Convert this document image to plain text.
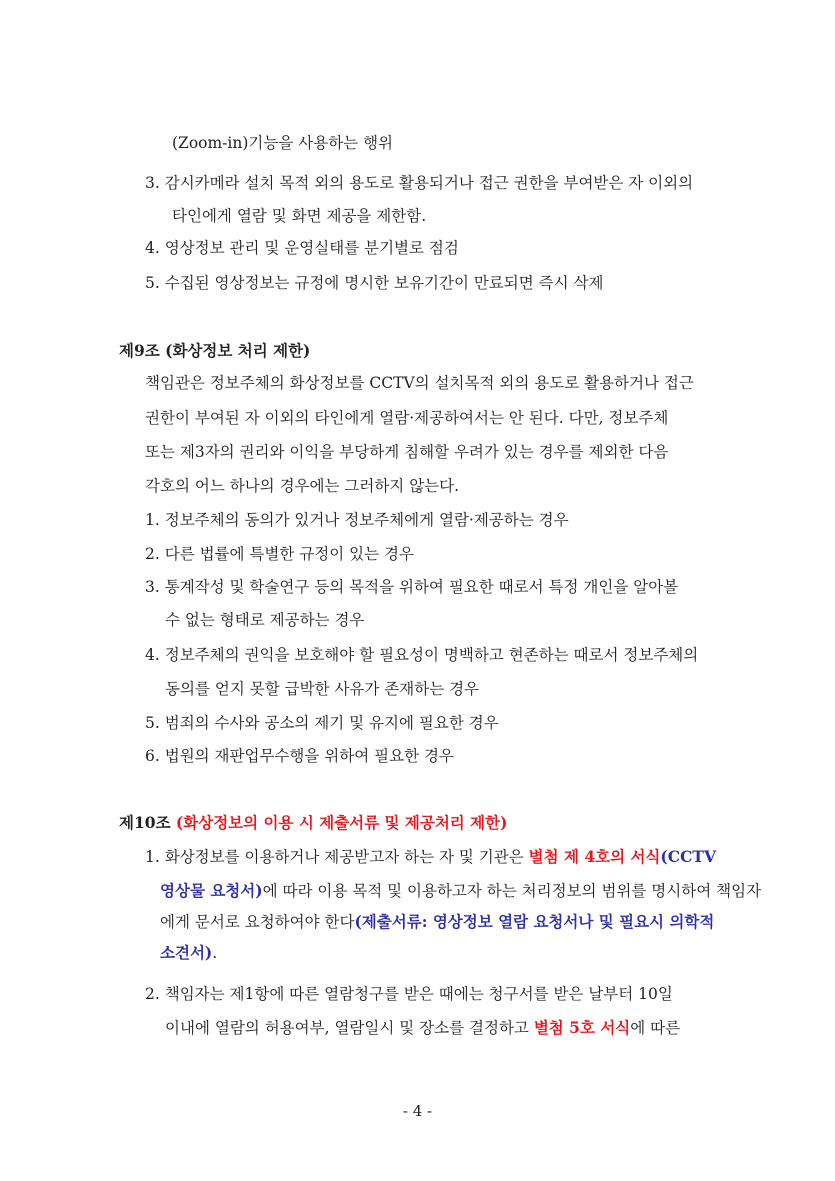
(Zoom-in)기능을 사용하는 행위
3. 감시카메라 설치 목적 외의 용도로 활용되거나 접근 권한을 부여받은 자 이외의
타인에게 열람 및 화면 제공을 제한함.
4. 영상정보 관리 및 운영실태를 분기별로 점검
5. 수집된 영상정보는 규정에 명시한 보유기간이 만료되면 즉시 삭제
제9조 (화상정보 처리 제한)
책임관은 정보주체의 화상정보를 CCTV의 설치목적 외의 용도로 활용하거나 접근
권한이 부여된 자 이외의 타인에게 열람·제공하여서는 안 된다. 다만, 정보주체
또는 제3자의 권리와 이익을 부당하게 침해할 우려가 있는 경우를 제외한 다음
각호의 어느 하나의 경우에는 그러하지 않는다.
1. 정보주체의 동의가 있거나 정보주체에게 열람·제공하는 경우
2. 다른 법률에 특별한 규정이 있는 경우
3. 통계작성 및 학술연구 등의 목적을 위하여 필요한 때로서 특정 개인을 알아볼
수 없는 형태로 제공하는 경우
4. 정보주체의 권익을 보호해야 할 필요성이 명백하고 현존하는 때로서 정보주체의
동의를 얻지 못할 급박한 사유가 존재하는 경우
5. 범죄의 수사와 공소의 제기 및 유지에 필요한 경우
6. 법원의 재판업무수행을 위하여 필요한 경우
제10조 (화상정보의 이용 시 제출서류 및 제공처리 제한)
1. 화상정보를 이용하거나 제공받고자 하는 자 및 기관은 별첨 제 4호의 서식(CCTV
영상물 요청서)에 따라 이용 목적 및 이용하고자 하는 처리정보의 범위를 명시하여 책임자
에게 문서로 요청하여야 한다(제출서류: 영상정보 열람 요청서나 및 필요시 의학적
소견서).
2. 책임자는 제1항에 따른 열람청구를 받은 때에는 청구서를 받은 날부터 10일
이내에 열람의 허용여부, 열람일시 및 장소를 결정하고 별첨 5호 서식에 따른
- 4 -
